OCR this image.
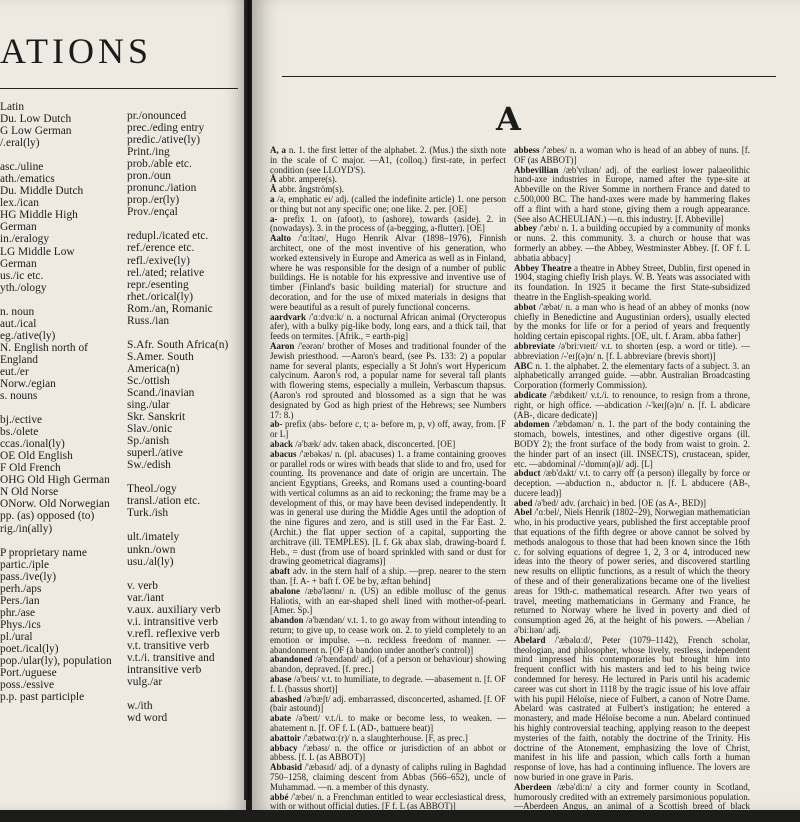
ATIONS
Latin
Du. Low Dutch
G Low German
/.eral(ly)
asc./uline
ath./ematics
Du. Middle Dutch
lex./ican
HG Middle High
German
in./eralogy
LG Middle Low
German
us./ic etc.
yth./ology
n. noun
aut./ical
eg./ative(ly)
N. English north of
England
eut./er
Norw./egian
s. nouns
bj./ective
bs./olete
ccas./ional(ly)
OE Old English
F Old French
OHG Old High German
N Old Norse
ONorw. Old Norwegian
pp. (as) opposed (to)
rig./in(ally)
P proprietary name
partic./iple
pass./ive(ly)
perh./aps
Pers./ian
phr./ase
Phys./ics
pl./ural
poet./ical(ly)
pop./ular(ly), population
Port./uguese
poss./essive
p.p. past participle
pr./onounced
prec./eding entry
predic./ative(ly)
Print./ing
prob./able etc.
pron./oun
pronunc./iation
prop./er(ly)
Prov./ençal
redupl./icated etc.
ref./erence etc.
refl./exive(ly)
rel./ated; relative
repr./esenting
rhet./orical(ly)
Rom./an, Romanic
Russ./ian
S.Afr. South Africa(n)
S.Amer. South
America(n)
Sc./ottish
Scand./inavian
sing./ular
Skr. Sanskrit
Slav./onic
Sp./anish
superl./ative
Sw./edish
Theol./ogy
transl./ation etc.
Turk./ish
ult./imately
unkn./own
usu./al(ly)
v. verb
var./iant
v.aux. auxiliary verb
v.i. intransitive verb
v.refl. reflexive verb
v.t. transitive verb
v.t./i. transitive and
intransitive verb
vulg./ar
w./ith
wd word
A
A, a n. 1. the first letter of the alphabet. 2. (Mus.) the sixth note in the scale of C major. —A1, (colloq.) first-rate, in perfect condition (see LLOYD'S).
Å abbr. ampere(s).
Å abbr. ångström(s).
a /ə, emphatic eɪ/ adj. (called the indefinite article) 1. one person or thing but not any specific one; one like. 2. per. [OE]
a- prefix 1. on (afoot), to (ashore), towards (aside). 2. in (nowadays). 3. in the process of (a-begging, a-flutter). [OE]
Aalto /'ɑːltəʊ/, Hugo Henrik Alvar (1898–1976), Finnish architect, one of the most inventive of his generation, who worked extensively in Europe and America as well as in Finland, where he was responsible for the design of a number of public buildings. He is notable for his expressive and inventive use of timber (Finland's basic building material) for structure and decoration, and for the use of mixed materials in designs that were beautiful as a result of purely functional concerns.
aardvark /'ɑːdvɑːk/ n. a nocturnal African animal (Orycteropus afer), with a bulky pig-like body, long ears, and a thick tail, that feeds on termites. [Afrik., = earth-pig]
Aaron /'eərən/ brother of Moses and traditional founder of the Jewish priesthood. —Aaron's beard, (see Ps. 133: 2) a popular name for several plants, especially a St John's wort Hypericum calycinum. Aaron's rod, a popular name for several tall plants with flowering stems, especially a mullein, Verbascum thapsus. (Aaron's rod sprouted and blossomed as a sign that he was designated by God as high priest of the Hebrews; see Numbers 17: 8.)
ab- prefix (abs- before c, t; a- before m, p, v) off, away, from. [F or L]
aback /ə'bæk/ adv. taken aback, disconcerted. [OE]
abacus /'æbəkəs/ n. (pl. abacuses) 1. a frame containing grooves or parallel rods or wires with beads that slide to and fro, used for counting. Its provenance and date of origin are uncertain. The ancient Egyptians, Greeks, and Romans used a counting-board with vertical columns as an aid to reckoning; the frame may be a development of this, or may have been devised independently. It was in general use during the Middle Ages until the adoption of the nine figures and zero, and is still used in the Far East. 2. (Archit.) the flat upper section of a capital, supporting the architrave (ill. TEMPLES). [L f. Gk abax slab, drawing-board f. Heb., = dust (from use of board sprinkled with sand or dust for drawing geometrical diagrams)]
abaft adv. in the stern half of a ship. —prep. nearer to the stern than. [f. A- + baft f. OE be by, æftan behind]
abalone /æbə'ləʊnɪ/ n. (US) an edible mollusc of the genus Haliotis, with an ear-shaped shell lined with mother-of-pearl. [Amer. Sp.]
abandon /ə'bændən/ v.t. 1. to go away from without intending to return; to give up, to cease work on. 2. to yield completely to an emotion or impulse. —n. reckless freedom of manner. —abandonment n. [OF (à bandon under another's control)]
abandoned /ə'bændənd/ adj. (of a person or behaviour) showing abandon, depraved. [f. prec.]
abase /ə'beɪs/ v.t. to humiliate, to degrade. —abasement n. [f. OF f. L (bassus short)]
abashed /ə'bæʃt/ adj. embarrassed, disconcerted, ashamed. [f. OF (bair astound)]
abate /ə'beɪt/ v.t./i. to make or become less, to weaken. —abatement n. [f. OF f. L (AD-, battuere beat)]
abattoir /'æbətwɑː(r)/ n. a slaughterhouse. [F, as prec.]
abbacy /'æbəsɪ/ n. the office or jurisdiction of an abbot or abbess. [f. L (as ABBOT)]
Abbasid /'æbəsɪd/ adj. of a dynasty of caliphs ruling in Baghdad 750–1258, claiming descent from Abbas (566–652), uncle of Muhammad. —n. a member of this dynasty.
abbé /'æbeɪ/ n. a Frenchman entitled to wear ecclesiastical dress, with or without official duties. [F f. L (as ABBOT)]
abbess /'æbes/ n. a woman who is head of an abbey of nuns. [f. OF (as ABBOT)]
Abbevillian /æb'vɪlɪən/ adj. of the earliest lower palaeolithic hand-axe industries in Europe, named after the type-site at Abbeville on the River Somme in northern France and dated to c.500,000 BC. The hand-axes were made by hammering flakes off a flint with a hard stone, giving them a rough appearance. (See also ACHEULIAN.) —n. this industry. [f. Abbeville]
abbey /'æbɪ/ n. 1. a building occupied by a community of monks or nuns. 2. this community. 3. a church or house that was formerly an abbey. —the Abbey, Westminster Abbey. [f. OF f. L abbatia abbacy]
Abbey Theatre a theatre in Abbey Street, Dublin, first opened in 1904, staging chiefly Irish plays. W. B. Yeats was associated with its foundation. In 1925 it became the first State-subsidized theatre in the English-speaking world.
abbot /'æbət/ n. a man who is head of an abbey of monks (now chiefly in Benedictine and Augustinian orders), usually elected by the monks for life or for a period of years and frequently holding certain episcopal rights. [OE, ult. f. Aram. abba father]
abbreviate /ə'briːvɪeɪt/ v.t. to shorten (esp. a word or title). —abbreviation /-'eɪʃ(ə)n/ n. [f. L abbreviare (brevis short)]
ABC n. 1. the alphabet. 2. the elementary facts of a subject. 3. an alphabetically arranged guide. —abbr. Australian Broadcasting Corporation (formerly Commission).
abdicate /'æbdɪkeɪt/ v.t./i. to renounce, to resign from a throne, right, or high office. —abdication /-'keɪʃ(ə)n/ n. [f. L abdicare (AB-, dicare dedicate)]
abdomen /'æbdəmən/ n. 1. the part of the body containing the stomach, bowels, intestines, and other digestive organs (ill. BODY 2); the front surface of the body from waist to groin. 2. the hinder part of an insect (ill. INSECTS), crustacean, spider, etc. —abdominal /-'dɒmɪn(ə)l/ adj. [L]
abduct /æb'dʌkt/ v.t. to carry off (a person) illegally by force or deception. —abduction n., abductor n. [f. L abducere (AB-, ducere lead)]
abed /ə'bed/ adv. (archaic) in bed. [OE (as A-, BED)]
Abel /'ɑːbel/, Niels Henrik (1802–29), Norwegian mathematician who, in his productive years, published the first acceptable proof that equations of the fifth degree or above cannot be solved by methods analogous to those that had been known since the 16th c. for solving equations of degree 1, 2, 3 or 4, introduced new ideas into the theory of power series, and discovered startling new results on elliptic functions, as a result of which the theory of these and of their generalizations became one of the liveliest areas for 19th-c. mathematical research. After two years of travel, meeting mathematicians in Germany and France, he returned to Norway where he lived in poverty and died of consumption aged 26, at the height of his powers. —Abelian /ə'biːlɪən/ adj.
Abelard /'æbəlɑːd/, Peter (1079–1142), French scholar, theologian, and philosopher, whose lively, restless, independent mind impressed his contemporaries but brought him into frequent conflict with his masters and led to his being twice condemned for heresy. He lectured in Paris until his academic career was cut short in 1118 by the tragic issue of his love affair with his pupil Héloïse, niece of Fulbert, a canon of Notre Dame. Abelard was castrated at Fulbert's instigation; he entered a monastery, and made Héloïse become a nun. Abelard continued his highly controversial teaching, applying reason to the deepest mysteries of the faith, notably the doctrine of the Trinity. His doctrine of the Atonement, emphasizing the love of Christ, manifest in his life and passion, which calls forth a human response of love, has had a continuing influence. The lovers are now buried in one grave in Paris.
Aberdeen /æbə'diːn/ a city and former county in Scotland, humorously credited with an extremely parsimonious population. —Aberdeen Angus, an animal of a Scottish breed of black hornless cattle. —Aberdonian /-'dəʊnɪən/ adj. & n.
